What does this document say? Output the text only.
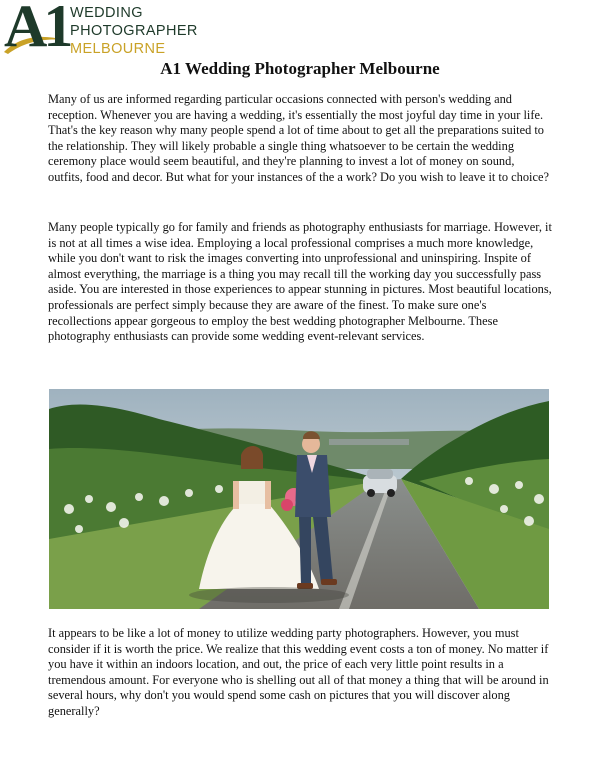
A1 WEDDING
PHOTOGRAPHER
MELBOURNE
A1 Wedding Photographer Melbourne

Many of us are informed regarding particular occasions connected with person's wedding and reception. Whenever you are having a wedding, it's essentially the most joyful day time in your life. That's the key reason why many people spend a lot of time about to get all the preparations suited to the relationship. They will likely probable a single thing whatsoever to be certain the wedding ceremony place would seem beautiful, and they're planning to invest a lot of money on sound, outfits, food and decor. But what for your instances of the a work? Do you wish to leave it to choice?

Many people typically go for family and friends as photography enthusiasts for marriage. However, it is not at all times a wise idea. Employing a local professional comprises a much more knowledge, while you don't want to risk the images converting into unprofessional and uninspiring. Inspite of almost everything, the marriage is a thing you may recall till the working day you successfully pass aside. You are interested in those experiences to appear stunning in pictures. Most beautiful locations, professionals are perfect simply because they are aware of the finest. To make sure one's recollections appear gorgeous to employ the best wedding photographer Melbourne. These photography enthusiasts can provide some wedding event-relevant services.

It appears to be like a lot of money to utilize wedding party photographers. However, you must consider if it is worth the price. We realize that this wedding event costs a ton of money. No matter if you have it within an indoors location, and out, the price of each very little point results in a tremendous amount. For everyone who is shelling out all of that money a thing that will be around in several hours, why don't you would spend some cash on pictures that you will discover along generally?
